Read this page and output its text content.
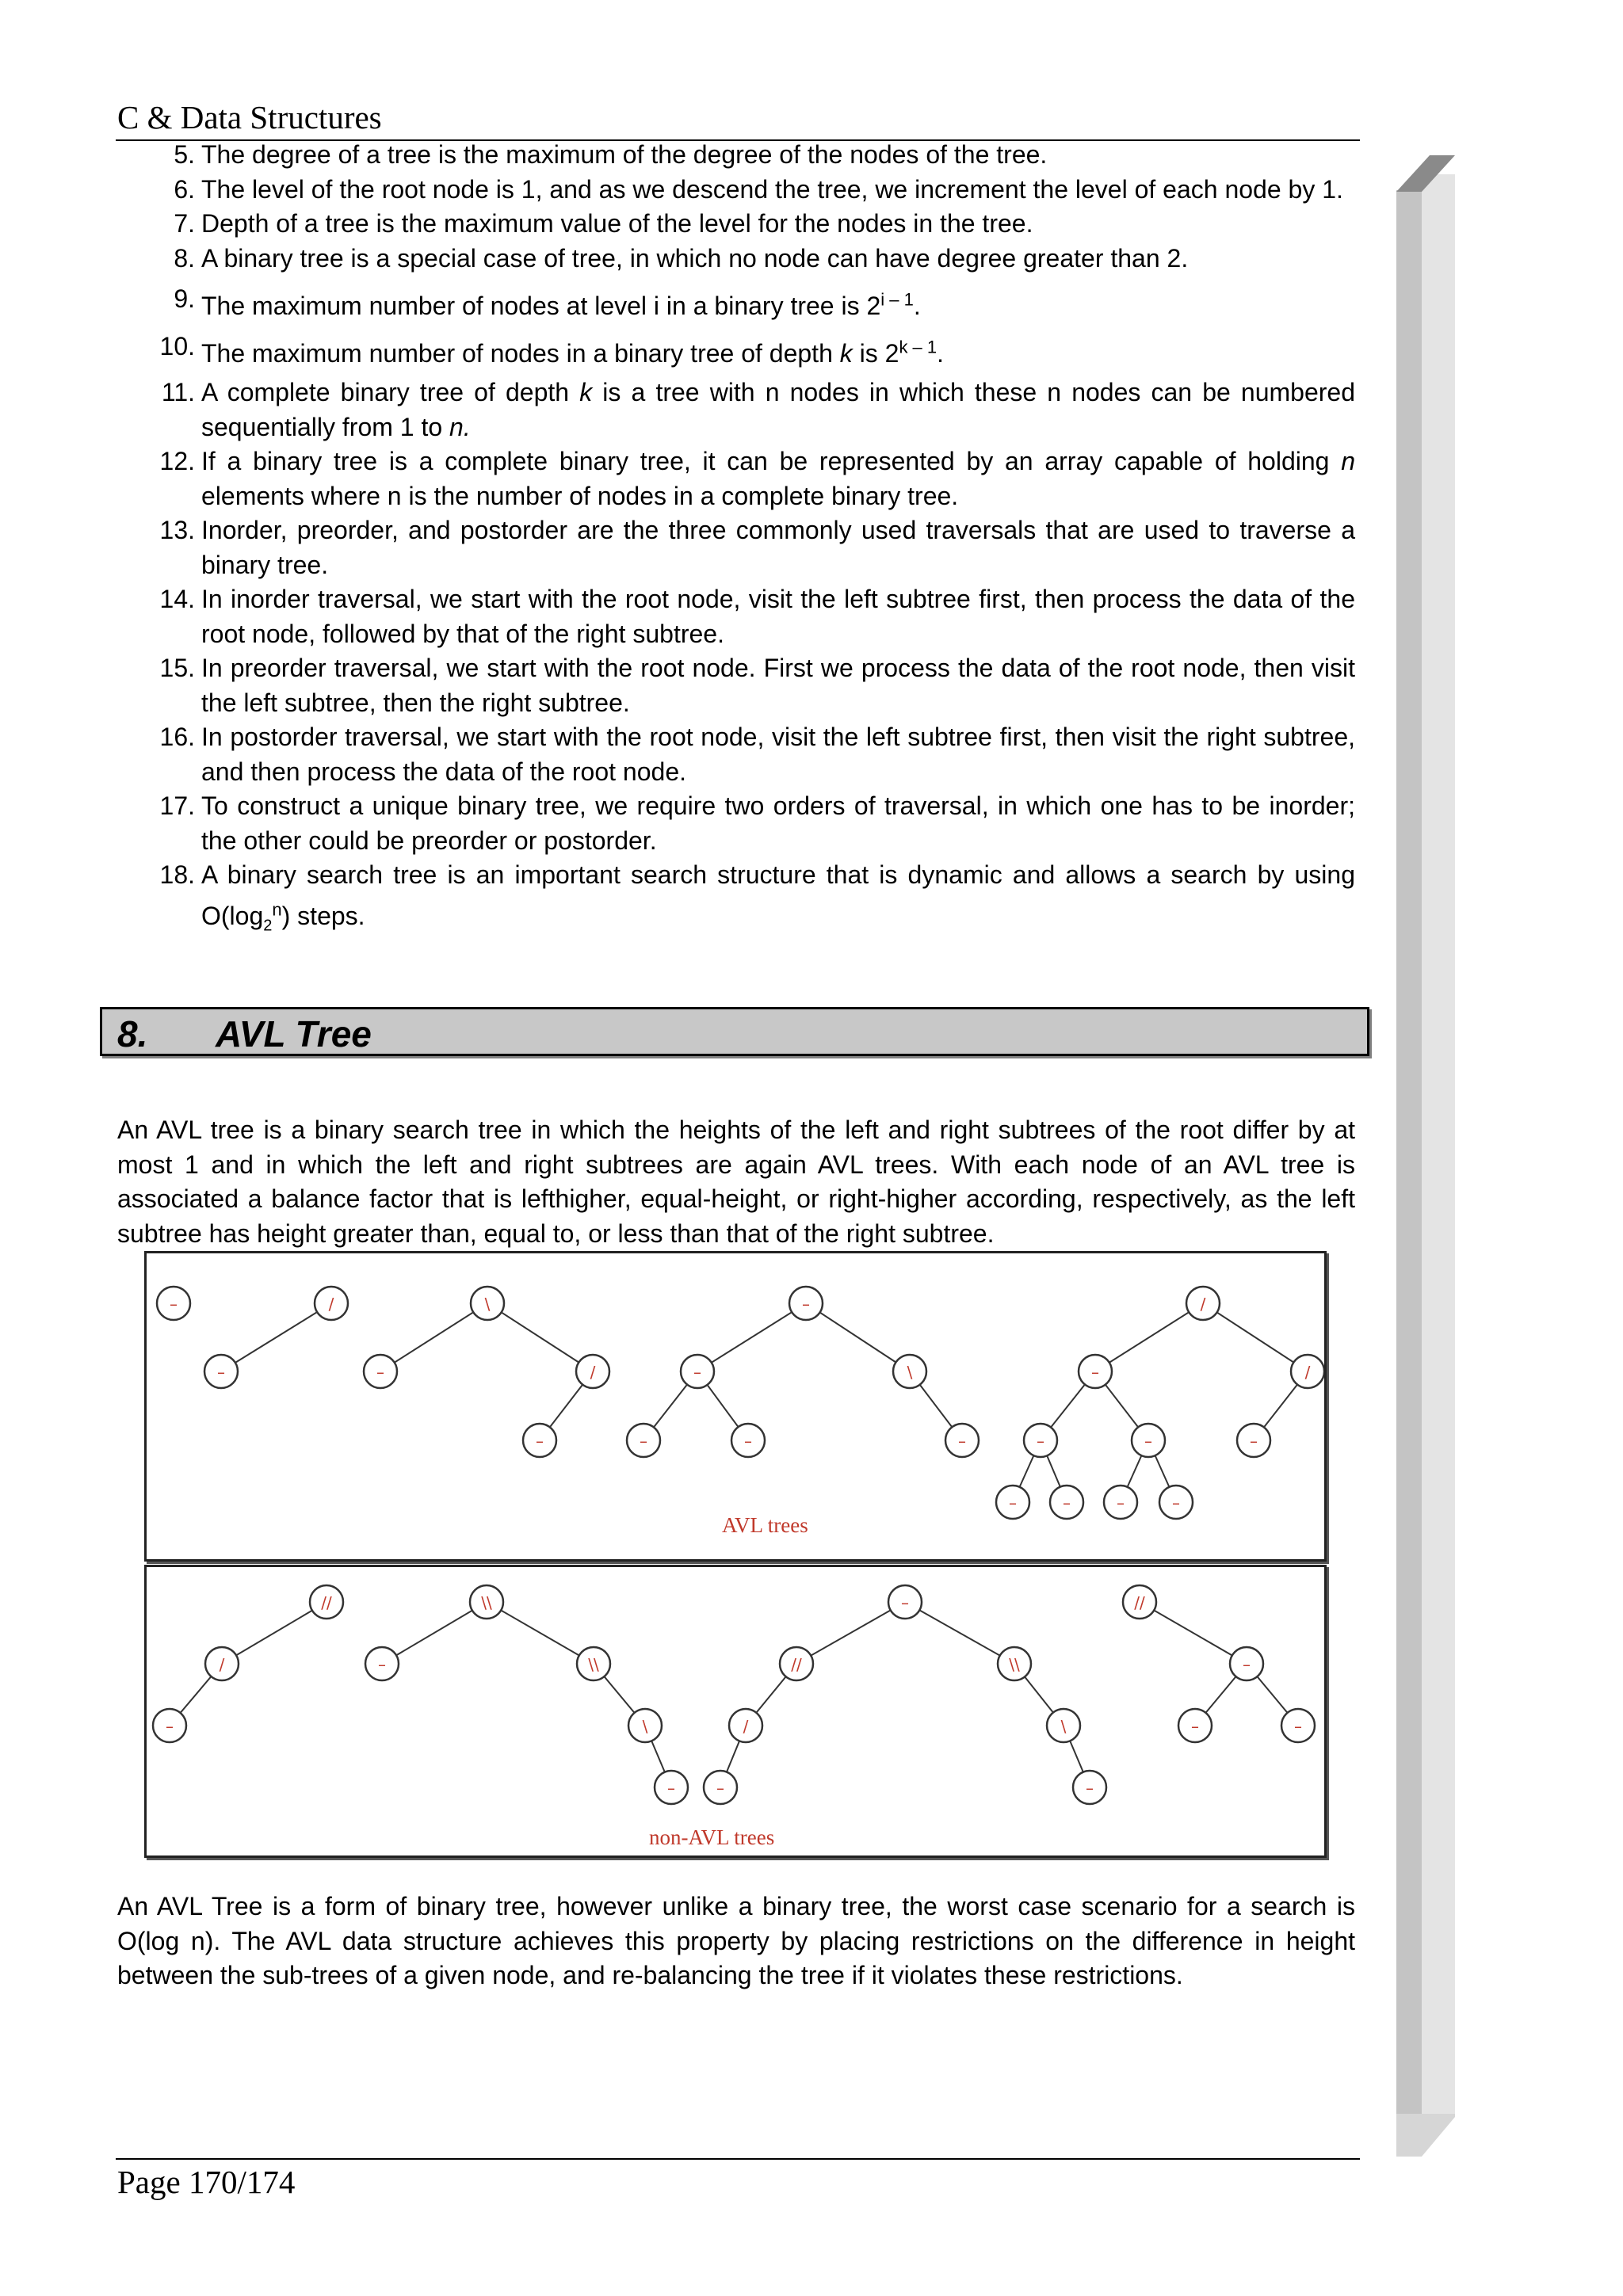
C & Data Structures
5. The degree of a tree is the maximum of the degree of the nodes of the tree.
6. The level of the root node is 1, and as we descend the tree, we increment the level of each node by 1.
7. Depth of a tree is the maximum value of the level for the nodes in the tree.
8. A binary tree is a special case of tree, in which no node can have degree greater than 2.
9. The maximum number of nodes at level i in a binary tree is 2$^{i - 1}$.
10. The maximum number of nodes in a binary tree of depth k is 2$^{k - 1}$.
11. A complete binary tree of depth k is a tree with n nodes in which these n nodes can be numbered sequentially from 1 to n.
12. If a binary tree is a complete binary tree, it can be represented by an array capable of holding n elements where n is the number of nodes in a complete binary tree.
13. Inorder, preorder, and postorder are the three commonly used traversals that are used to traverse a binary tree.
14. In inorder traversal, we start with the root node, visit the left subtree first, then process the data of the root node, followed by that of the right subtree.
15. In preorder traversal, we start with the root node. First we process the data of the root node, then visit the left subtree, then the right subtree.
16. In postorder traversal, we start with the root node, visit the left subtree first, then visit the right subtree, and then process the data of the root node.
17. To construct a unique binary tree, we require two orders of traversal, in which one has to be inorder; the other could be preorder or postorder.
18. A binary search tree is an important search structure that is dynamic and allows a search by using $O(\log_2^n)$ steps.
8. AVL Tree

An AVL tree is a binary search tree in which the heights of the left and right subtrees of the root differ by at most 1 and in which the left and right subtrees are again AVL trees. With each node of an AVL tree is associated a balance factor that is lefthigher, equal-height, or right-higher according, respectively, as the left subtree has height greater than, equal to, or less than that of the right subtree.

–	/
–
\
–	/
–
–
–	\
–	–	–
/
–	/
–	–	–
–	–	–	–
AVL trees
//
/
–
\\
–	\\
\
–
–
//
/
–
\\
\
–
//
–
–	–
non-AVL trees

An AVL Tree is a form of binary tree, however unlike a binary tree, the worst case scenario for a search is O(log n). The AVL data structure achieves this property by placing restrictions on the difference in height between the sub-trees of a given node, and re-balancing the tree if it violates these restrictions.

Page 170/174
